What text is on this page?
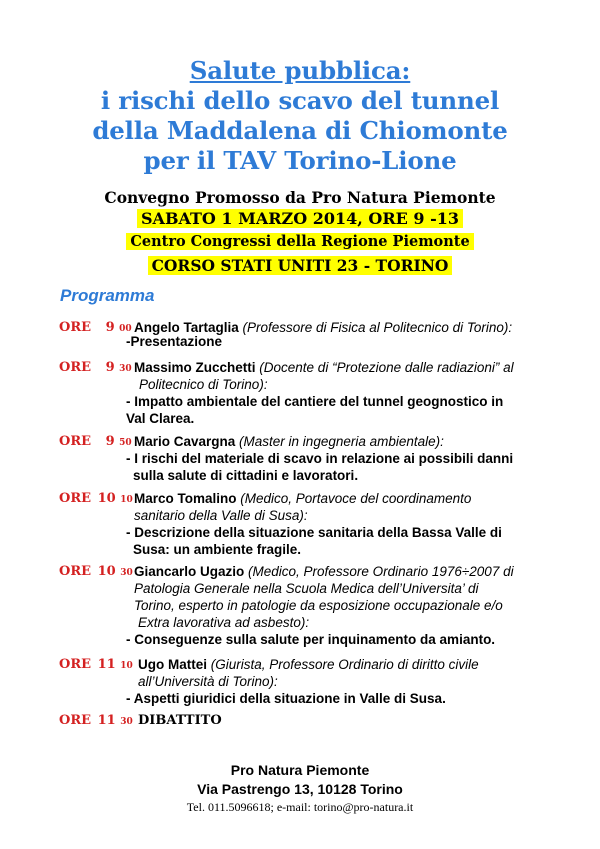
Salute pubblica:
i rischi dello scavo del tunnel
della Maddalena di Chiomonte
per il TAV Torino-Lione
Convegno Promosso da Pro Natura Piemonte
SABATO 1 MARZO 2014, ORE 9 -13
Centro Congressi della Regione Piemonte
CORSO STATI UNITI 23 - TORINO
Programma
ORE 9 00 Angelo Tartaglia (Professore di Fisica al Politecnico di Torino):
-Presentazione
ORE 9 30 Massimo Zucchetti (Docente di “Protezione dalle radiazioni” al
Politecnico di Torino):
- Impatto ambientale del cantiere del tunnel geognostico in
Val Clarea.
ORE 9 50 Mario Cavargna (Master in ingegneria ambientale):
- I rischi del materiale di scavo in relazione ai possibili danni
sulla salute di cittadini e lavoratori.
ORE 10 10 Marco Tomalino (Medico, Portavoce del coordinamento
sanitario della Valle di Susa):
- Descrizione della situazione sanitaria della Bassa Valle di
Susa: un ambiente fragile.
ORE 10 30 Giancarlo Ugazio (Medico, Professore Ordinario 1976÷2007 di
Patologia Generale nella Scuola Medica dell’Universita’ di
Torino, esperto in patologie da esposizione occupazionale e/o
Extra lavorativa ad asbesto):
- Conseguenze sulla salute per inquinamento da amianto.
ORE 11 10 Ugo Mattei (Giurista, Professore Ordinario di diritto civile
all’Università di Torino):
- Aspetti giuridici della situazione in Valle di Susa.
ORE 11 30 DIBATTITO
Pro Natura Piemonte
Via Pastrengo 13, 10128 Torino
Tel. 011.5096618; e-mail: torino@pro-natura.it
